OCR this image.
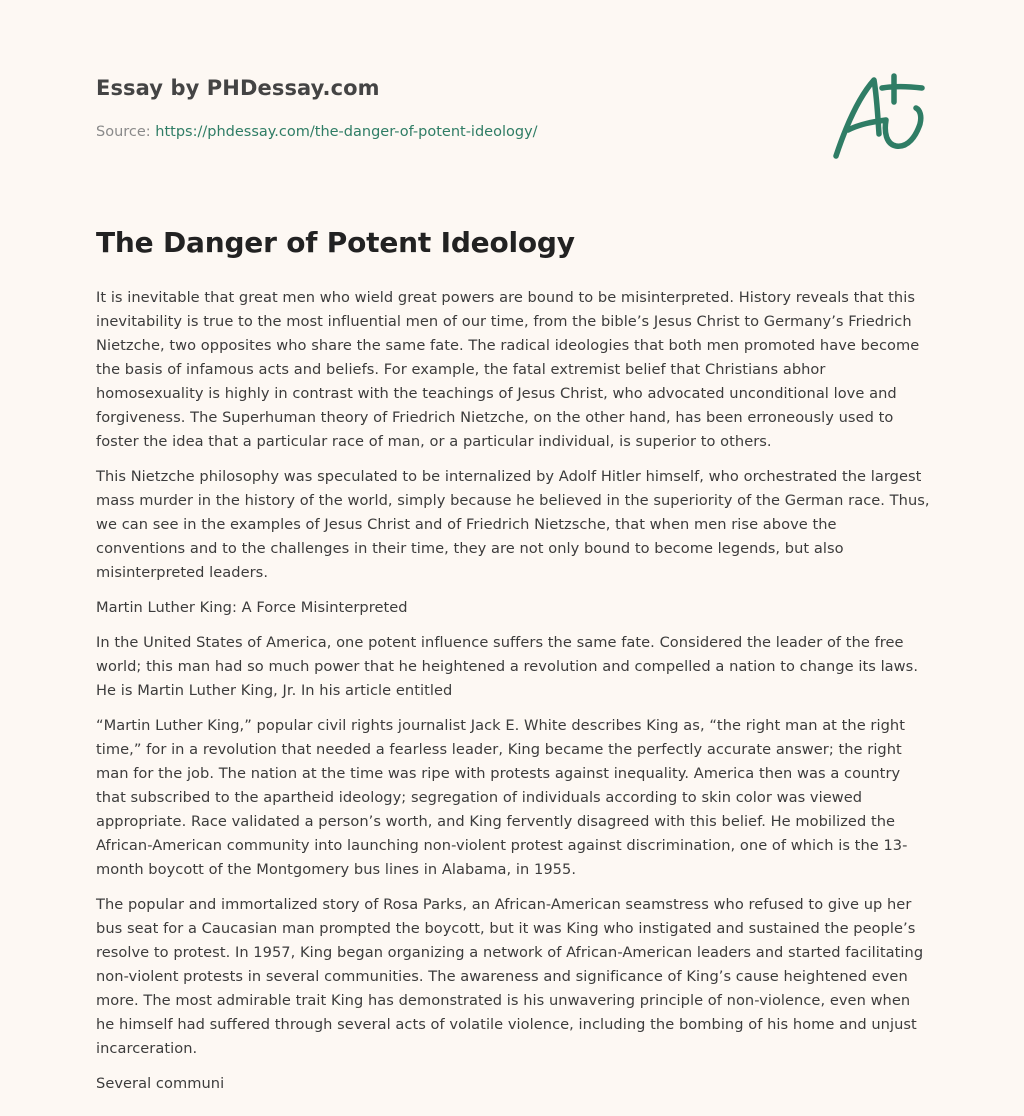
Essay by PHDessay.com
Source: https://phdessay.com/the-danger-of-potent-ideology/
The Danger of Potent Ideology

It is inevitable that great men who wield great powers are bound to be misinterpreted. History reveals that this inevitability is true to the most influential men of our time, from the bible’s Jesus Christ to Germany’s Friedrich Nietzche, two opposites who share the same fate. The radical ideologies that both men promoted have become the basis of infamous acts and beliefs. For example, the fatal extremist belief that Christians abhor homosexuality is highly in contrast with the teachings of Jesus Christ, who advocated unconditional love and forgiveness. The Superhuman theory of Friedrich Nietzche, on the other hand, has been erroneously used to foster the idea that a particular race of man, or a particular individual, is superior to others.

This Nietzche philosophy was speculated to be internalized by Adolf Hitler himself, who orchestrated the largest mass murder in the history of the world, simply because he believed in the superiority of the German race. Thus, we can see in the examples of Jesus Christ and of Friedrich Nietzsche, that when men rise above the conventions and to the challenges in their time, they are not only bound to become legends, but also misinterpreted leaders.

Martin Luther King: A Force Misinterpreted

In the United States of America, one potent influence suffers the same fate. Considered the leader of the free world; this man had so much power that he heightened a revolution and compelled a nation to change its laws. He is Martin Luther King, Jr. In his article entitled

“Martin Luther King,” popular civil rights journalist Jack E. White describes King as, “the right man at the right time,” for in a revolution that needed a fearless leader, King became the perfectly accurate answer; the right man for the job. The nation at the time was ripe with protests against inequality. America then was a country that subscribed to the apartheid ideology; segregation of individuals according to skin color was viewed appropriate. Race validated a person’s worth, and King fervently disagreed with this belief. He mobilized the African-American community into launching non-violent protest against discrimination, one of which is the 13-month boycott of the Montgomery bus lines in Alabama, in 1955.

The popular and immortalized story of Rosa Parks, an African-American seamstress who refused to give up her bus seat for a Caucasian man prompted the boycott, but it was King who instigated and sustained the people’s resolve to protest. In 1957, King began organizing a network of African-American leaders and started facilitating non-violent protests in several communities. The awareness and significance of King’s cause heightened even more. The most admirable trait King has demonstrated is his unwavering principle of non-violence, even when he himself had suffered through several acts of volatile violence, including the bombing of his home and unjust incarceration.

Several communi
